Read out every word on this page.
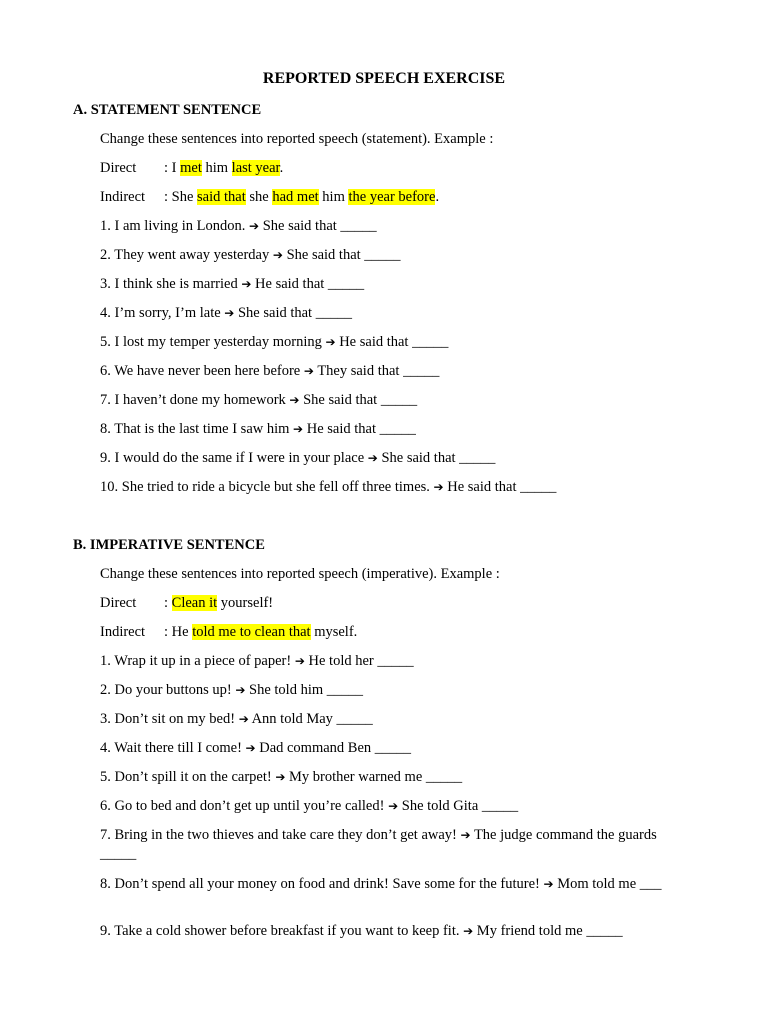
REPORTED SPEECH EXERCISE
A. STATEMENT SENTENCE
Change these sentences into reported speech (statement). Example :
Direct : I met him last year.
Indirect : She said that she had met him the year before.
1. I am living in London. ➔ She said that _____
2. They went away yesterday ➔ She said that _____
3. I think she is married ➔ He said that _____
4. I’m sorry, I’m late ➔ She said that _____
5. I lost my temper yesterday morning ➔ He said that _____
6. We have never been here before ➔ They said that _____
7. I haven’t done my homework ➔ She said that _____
8. That is the last time I saw him ➔ He said that _____
9. I would do the same if I were in your place ➔ She said that _____
10. She tried to ride a bicycle but she fell off three times. ➔ He said that _____
B. IMPERATIVE SENTENCE
Change these sentences into reported speech (imperative). Example :
Direct : Clean it yourself!
Indirect : He told me to clean that myself.
1. Wrap it up in a piece of paper! ➔ He told her _____
2. Do your buttons up! ➔ She told him _____
3. Don’t sit on my bed! ➔ Ann told May _____
4. Wait there till I come! ➔ Dad command Ben _____
5. Don’t spill it on the carpet! ➔ My brother warned me _____
6. Go to bed and don’t get up until you’re called! ➔ She told Gita _____
7. Bring in the two thieves and take care they don’t get away! ➔ The judge command the guards _____
8. Don’t spend all your money on food and drink! Save some for the future! ➔ Mom told me ___
9. Take a cold shower before breakfast if you want to keep fit. ➔ My friend told me _____
